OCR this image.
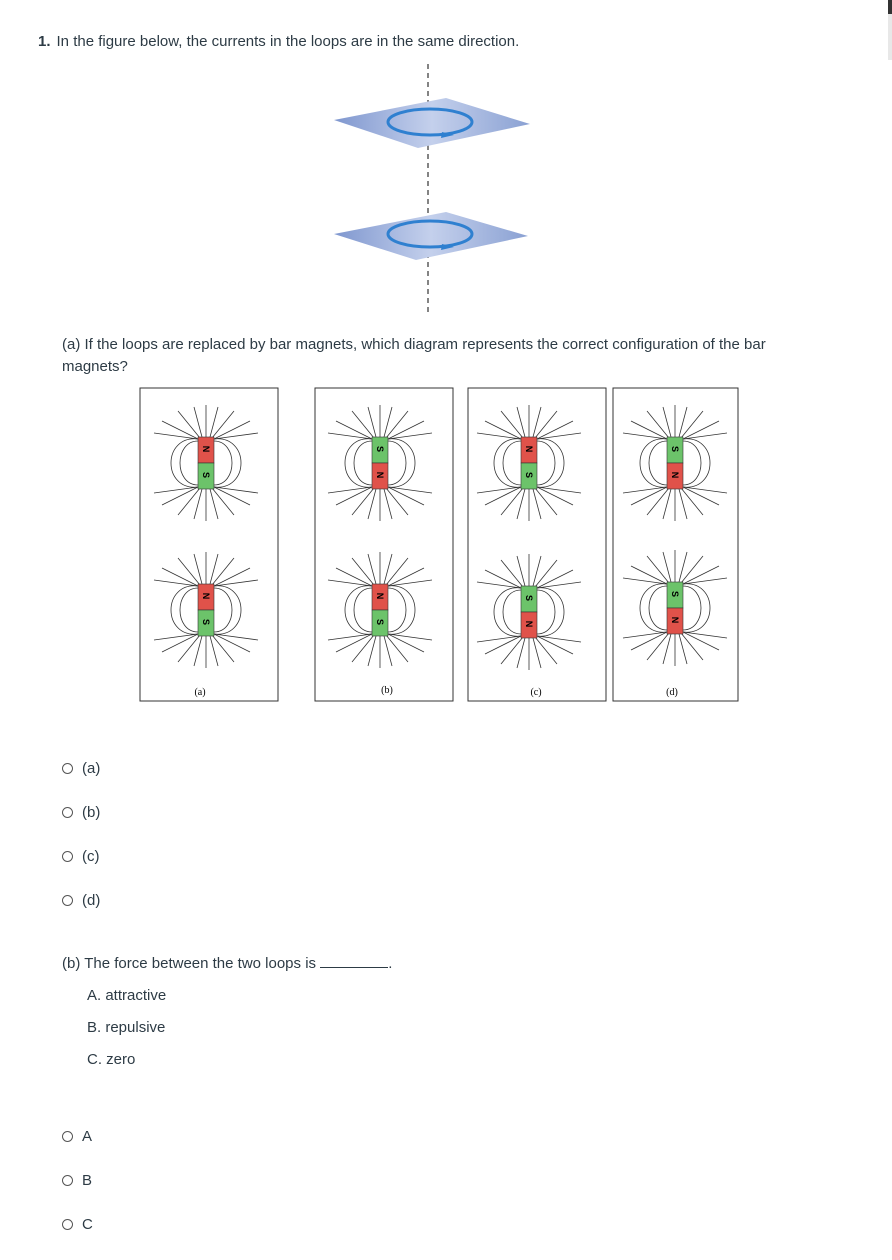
1. In the figure below, the currents in the loops are in the same direction.
(a) If the loops are replaced by bar magnets, which diagram represents the correct configuration of the bar magnets?
N
S
N
S
(a)
S
N
N
S
(b)
N
S
S
N
(c)
S
N
S
N
(d)
(a)
(b)
(c)
(d)
(b) The force between the two loops is	.
A. attractive
B. repulsive
C. zero
A
B
C
